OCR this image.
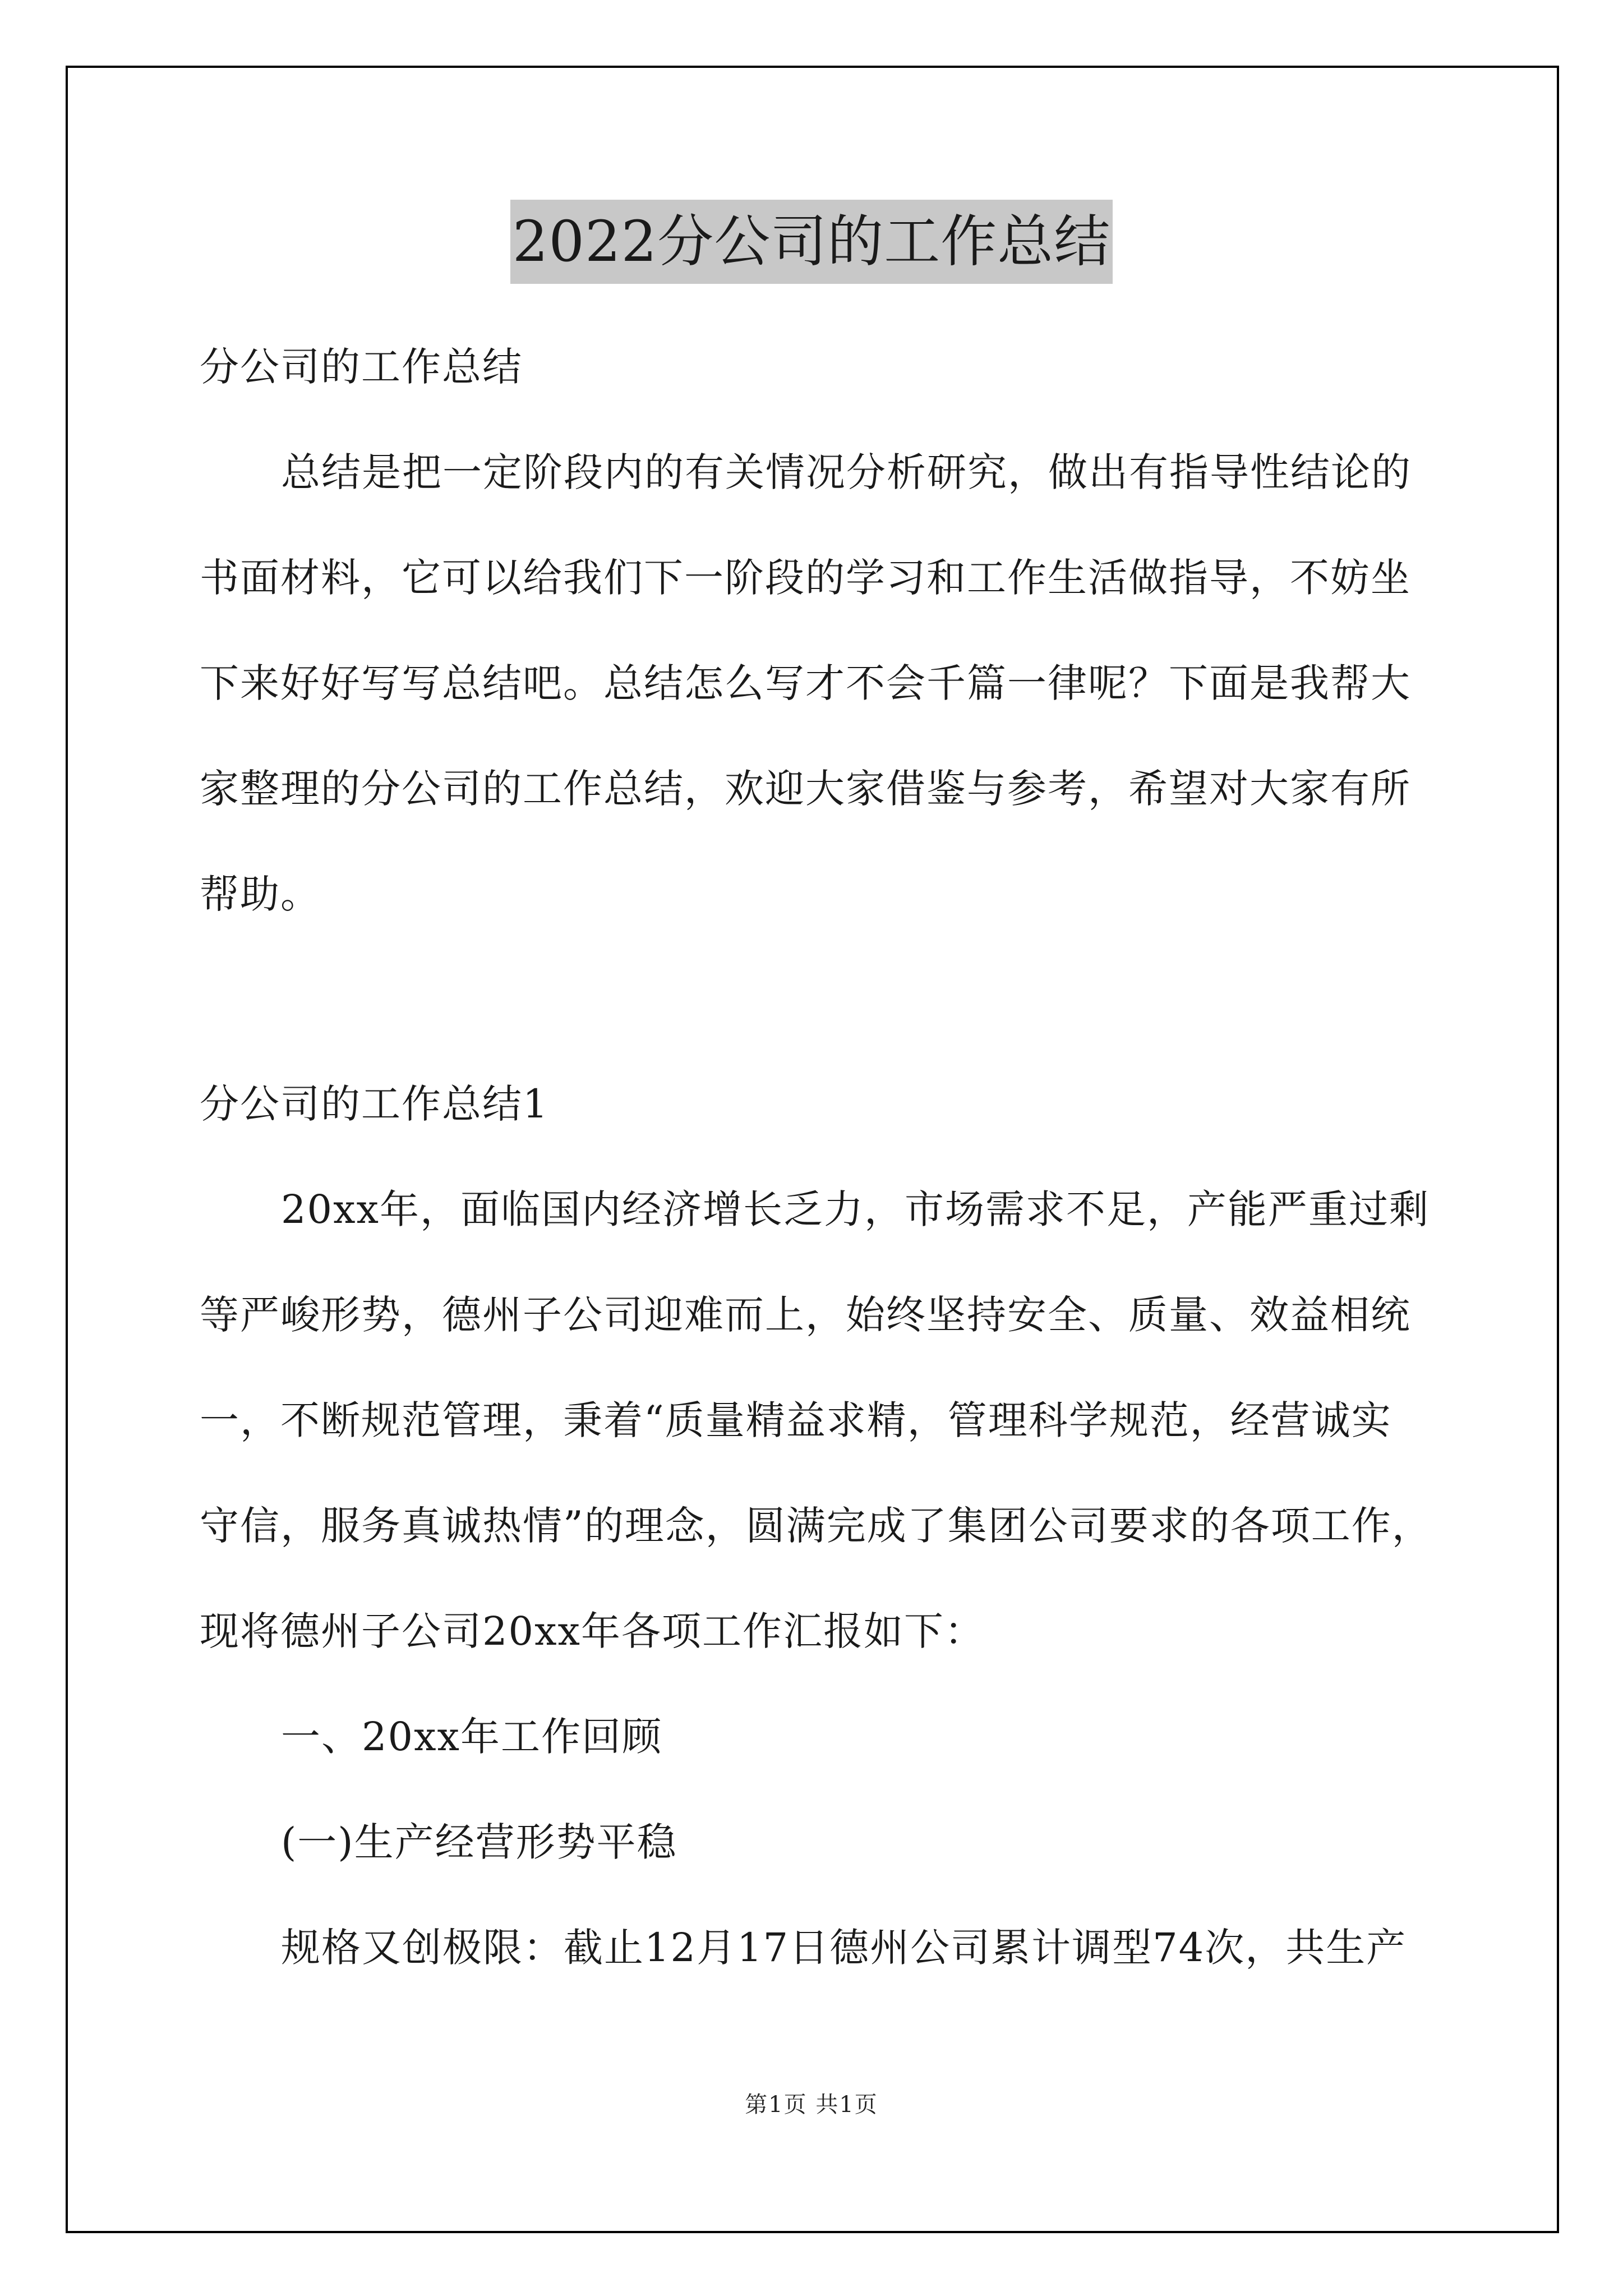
2022分公司的工作总结
分公司的工作总结
总结是把一定阶段内的有关情况分析研究，做出有指导性结论的
书面材料，它可以给我们下一阶段的学习和工作生活做指导，不妨坐
下来好好写写总结吧。总结怎么写才不会千篇一律呢？下面是我帮大
家整理的分公司的工作总结，欢迎大家借鉴与参考，希望对大家有所
帮助。
分公司的工作总结1
20xx年，面临国内经济增长乏力，市场需求不足，产能严重过剩
等严峻形势，德州子公司迎难而上，始终坚持安全、质量、效益相统
一，不断规范管理，秉着“质量精益求精，管理科学规范，经营诚实
守信，服务真诚热情”的理念，圆满完成了集团公司要求的各项工作，
现将德州子公司20xx年各项工作汇报如下：
一、20xx年工作回顾
(一)生产经营形势平稳
规格又创极限：截止12月17日德州公司累计调型74次，共生产
第1页 共1页
